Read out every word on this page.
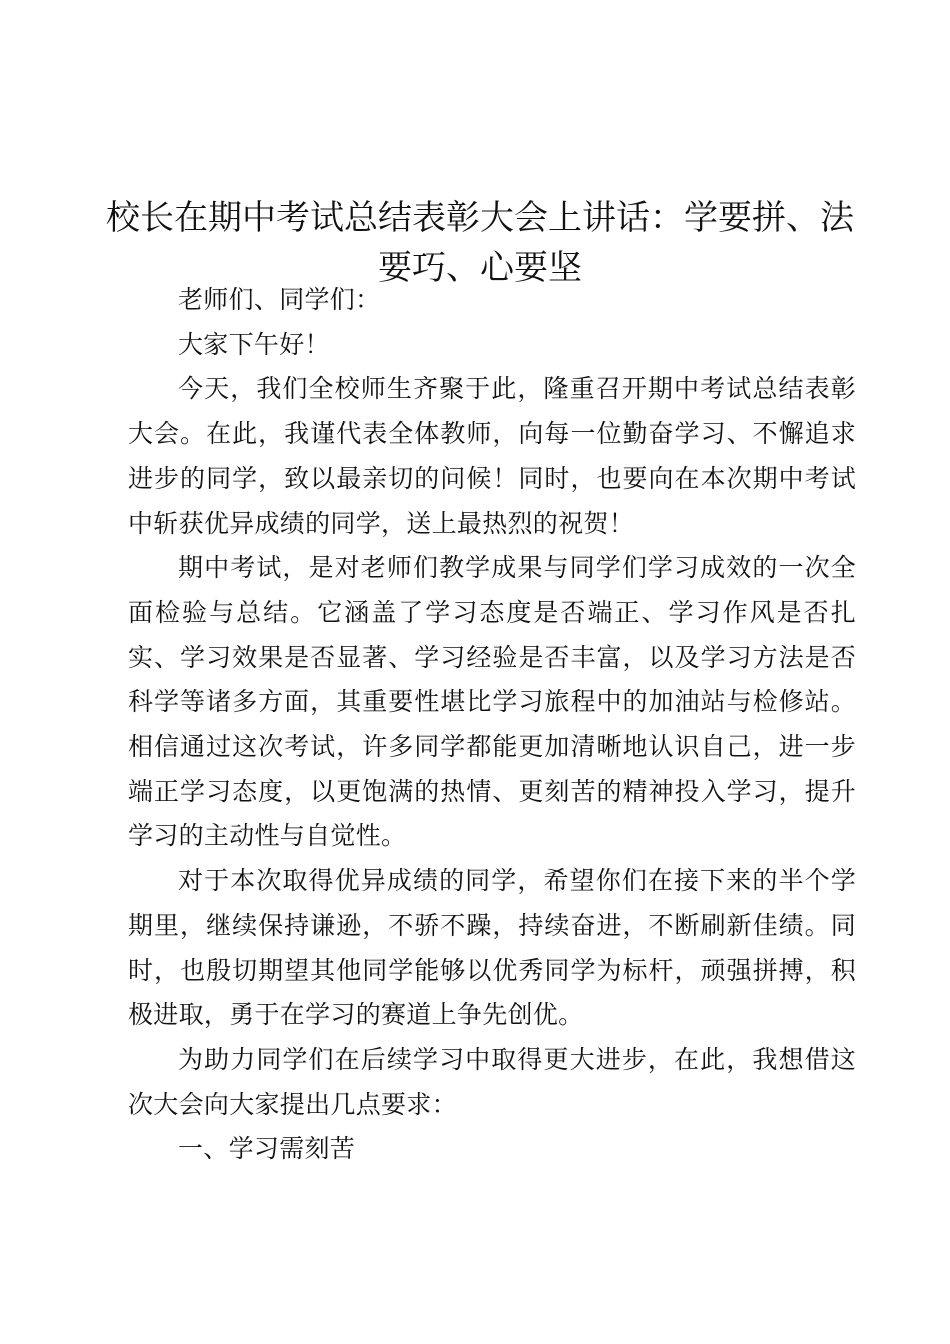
校长在期中考试总结表彰大会上讲话：学要拼、法要巧、心要坚

老师们、同学们：

大家下午好！

今天，我们全校师生齐聚于此，隆重召开期中考试总结表彰大会。在此，我谨代表全体教师，向每一位勤奋学习、不懈追求进步的同学，致以最亲切的问候！同时，也要向在本次期中考试中斩获优异成绩的同学，送上最热烈的祝贺！

期中考试，是对老师们教学成果与同学们学习成效的一次全面检验与总结。它涵盖了学习态度是否端正、学习作风是否扎实、学习效果是否显著、学习经验是否丰富，以及学习方法是否科学等诸多方面，其重要性堪比学习旅程中的加油站与检修站。相信通过这次考试，许多同学都能更加清晰地认识自己，进一步端正学习态度，以更饱满的热情、更刻苦的精神投入学习，提升学习的主动性与自觉性。

对于本次取得优异成绩的同学，希望你们在接下来的半个学期里，继续保持谦逊，不骄不躁，持续奋进，不断刷新佳绩。同时，也殷切期望其他同学能够以优秀同学为标杆，顽强拼搏，积极进取，勇于在学习的赛道上争先创优。

为助力同学们在后续学习中取得更大进步，在此，我想借这次大会向大家提出几点要求：

一、学习需刻苦
